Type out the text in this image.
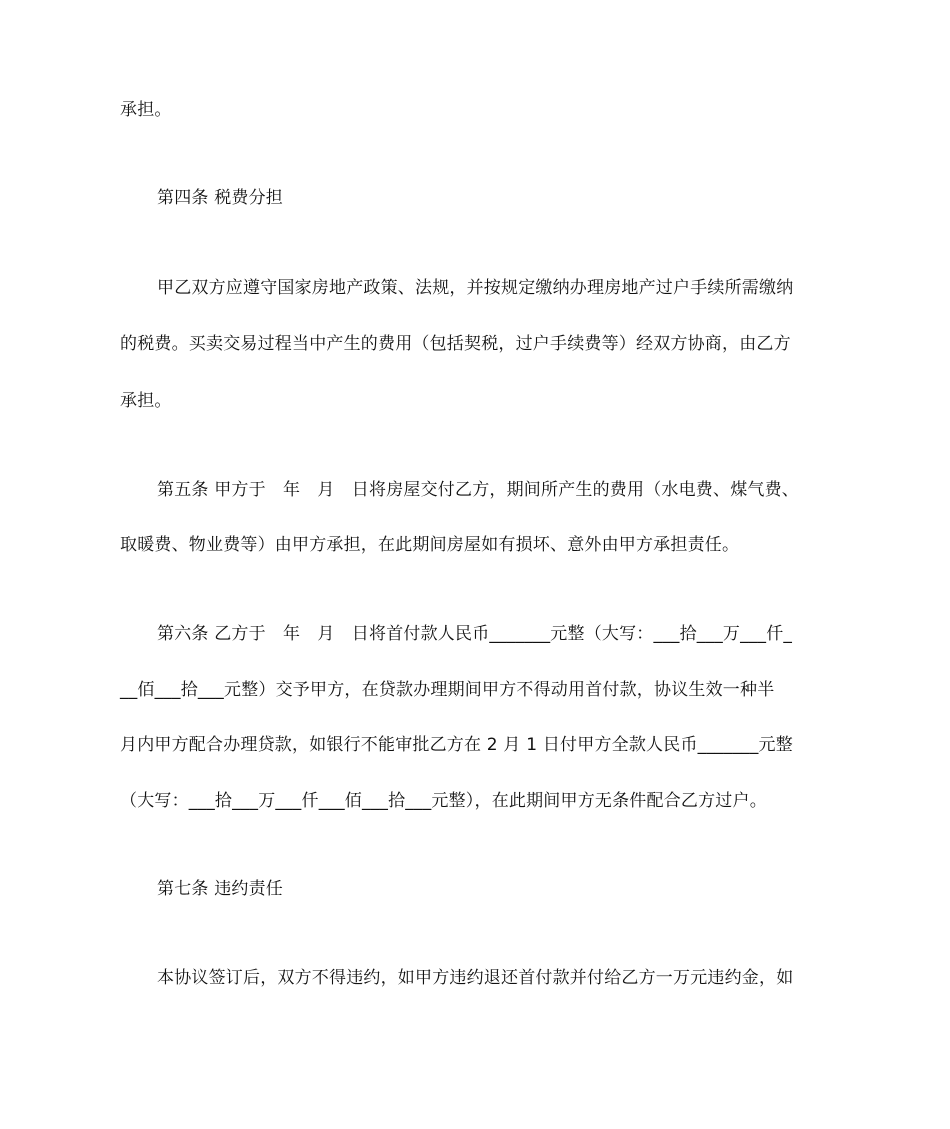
承担。
第四条 税费分担
甲乙双方应遵守国家房地产政策、法规，并按规定缴纳办理房地产过户手续所需缴纳
的税费。买卖交易过程当中产生的费用（包括契税，过户手续费等）经双方协商，由乙方
承担。
第五条 甲方于　年　月　日将房屋交付乙方，期间所产生的费用（水电费、煤气费、
取暖费、物业费等）由甲方承担，在此期间房屋如有损坏、意外由甲方承担责任。
第六条 乙方于　年　月　日将首付款人民币_______元整（大写：___拾___万___仟_
__佰___拾___元整）交予甲方，在贷款办理期间甲方不得动用首付款，协议生效一种半
月内甲方配合办理贷款，如银行不能审批乙方在 2 月 1 日付甲方全款人民币_______元整
（大写：___拾___万___仟___佰___拾___元整），在此期间甲方无条件配合乙方过户。
第七条 违约责任
本协议签订后，双方不得违约，如甲方违约退还首付款并付给乙方一万元违约金，如
